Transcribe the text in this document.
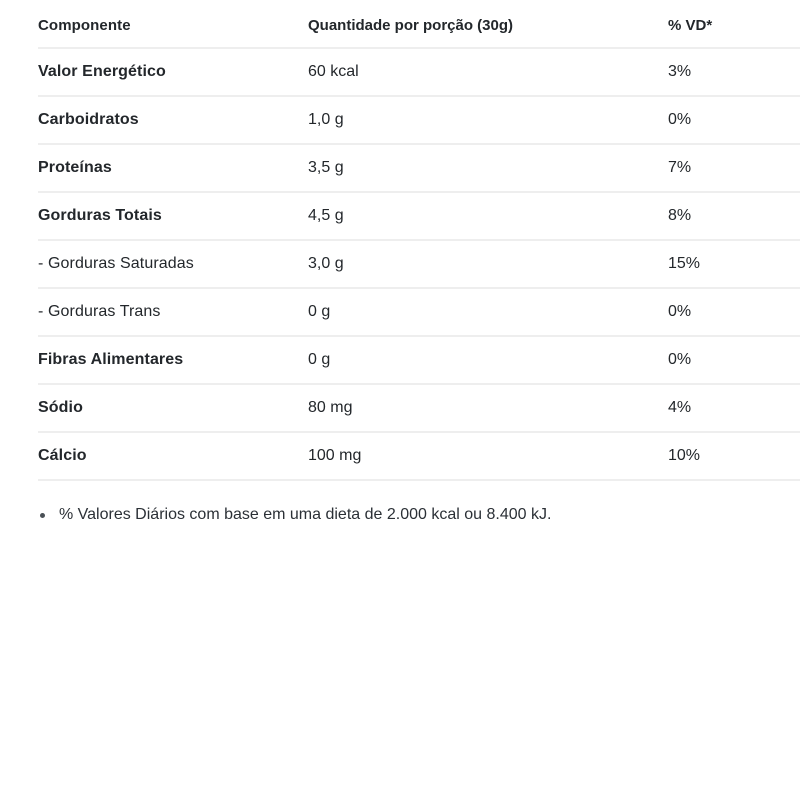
Componente	Quantidade por porção (30g)	% VD*
Valor Energético	60 kcal	3%
Carboidratos	1,0 g	0%
Proteínas	3,5 g	7%
Gorduras Totais	4,5 g	8%
- Gorduras Saturadas	3,0 g	15%
- Gorduras Trans	0 g	0%
Fibras Alimentares	0 g	0%
Sódio	80 mg	4%
Cálcio	100 mg	10%
% Valores Diários com base em uma dieta de 2.000 kcal ou 8.400 kJ.
